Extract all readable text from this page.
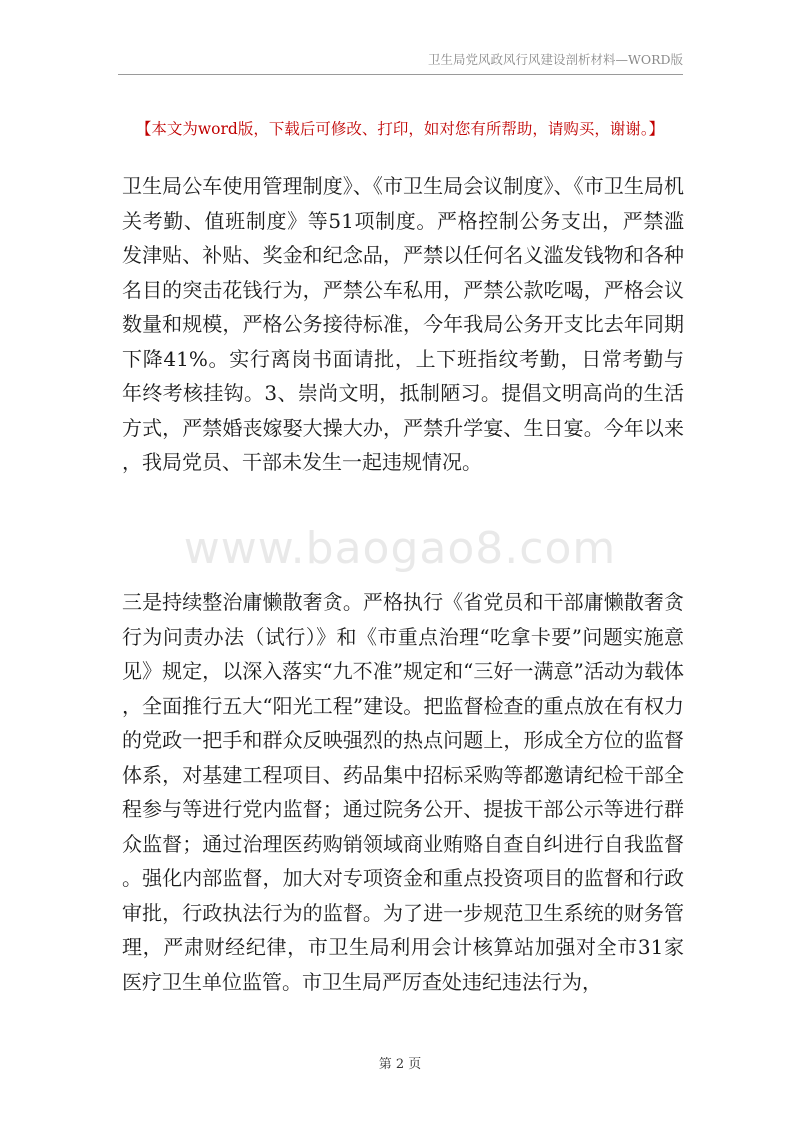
卫生局党风政风行风建设剖析材料—WORD版
【本文为word版，下载后可修改、打印，如对您有所帮助，请购买，谢谢。】
www.baogao8.com

卫生局公车使用管理制度》、《市卫生局会议制度》、《市卫生局机关考勤、值班制度》等51项制度。严格控制公务支出，严禁滥发津贴、补贴、奖金和纪念品，严禁以任何名义滥发钱物和各种名目的突击花钱行为，严禁公车私用，严禁公款吃喝，严格会议数量和规模，严格公务接待标准，今年我局公务开支比去年同期下降41%。实行离岗书面请批，上下班指纹考勤，日常考勤与年终考核挂钩。3、崇尚文明，抵制陋习。提倡文明高尚的生活方式，严禁婚丧嫁娶大操大办，严禁升学宴、生日宴。今年以来，我局党员、干部未发生一起违规情况。

三是持续整治庸懒散奢贪。严格执行《省党员和干部庸懒散奢贪行为问责办法（试行）》和《市重点治理“吃拿卡要”问题实施意见》规定，以深入落实“九不准”规定和“三好一满意”活动为载体，全面推行五大“阳光工程”建设。把监督检查的重点放在有权力的党政一把手和群众反映强烈的热点问题上，形成全方位的监督体系，对基建工程项目、药品集中招标采购等都邀请纪检干部全程参与等进行党内监督；通过院务公开、提拔干部公示等进行群众监督；通过治理医药购销领域商业贿赂自查自纠进行自我监督。强化内部监督，加大对专项资金和重点投资项目的监督和行政审批，行政执法行为的监督。为了进一步规范卫生系统的财务管理，严肃财经纪律，市卫生局利用会计核算站加强对全市31家医疗卫生单位监管。市卫生局严厉查处违纪违法行为，

第 2 页
